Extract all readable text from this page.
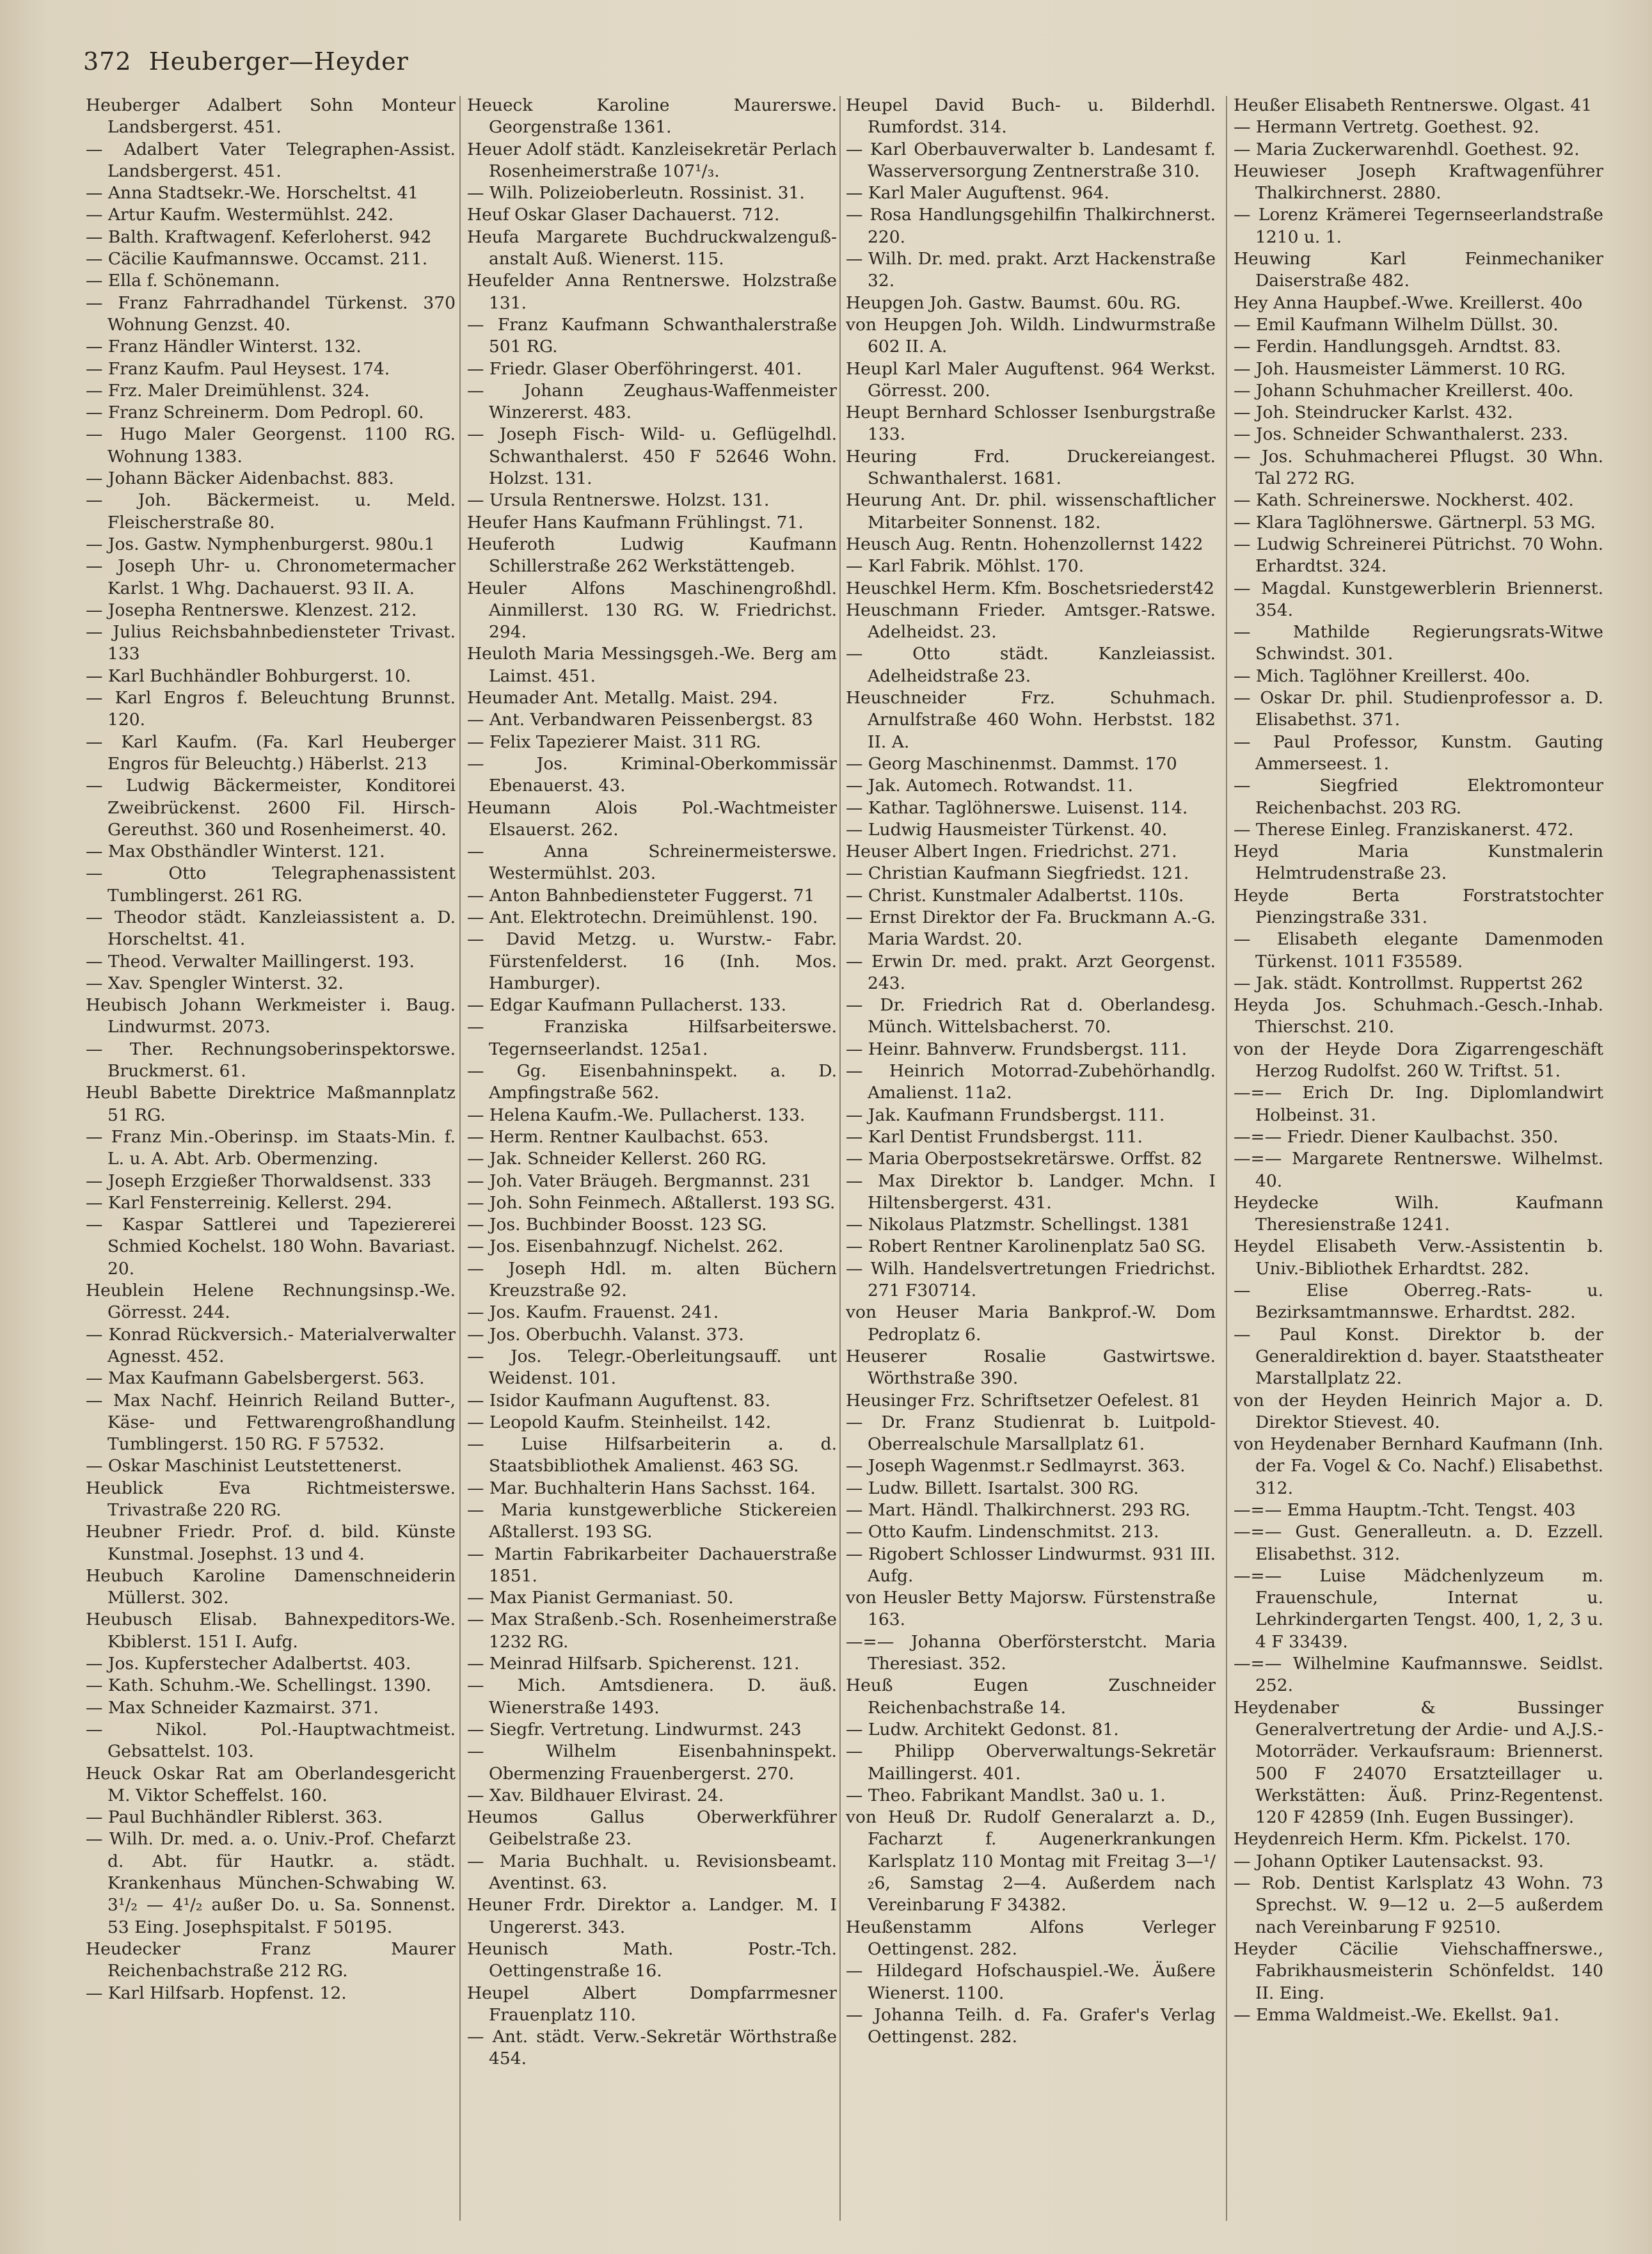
372 Heuberger—Heyder

Heuberger Adalbert Sohn Monteur Landsbergerst. 451.

— Adalbert Vater Telegraphen-Assist. Landsbergerst. 451.

— Anna Stadtsekr.-We. Horscheltst. 41

— Artur Kaufm. Westermühlst. 242.

— Balth. Kraftwagenf. Keferloherst. 942

— Cäcilie Kaufmannswe. Occamst. 211.

— Ella f. Schönemann.

— Franz Fahrradhandel Türkenst. 370 Wohnung Genzst. 40.

— Franz Händler Winterst. 132.

— Franz Kaufm. Paul Heysest. 174.

— Frz. Maler Dreimühlenst. 324.

— Franz Schreinerm. Dom Pedropl. 60.

— Hugo Maler Georgenst. 1100 RG. Wohnung 1383.

— Johann Bäcker Aidenbachst. 883.

— Joh. Bäckermeist. u. Meld. Fleischerstraße 80.

— Jos. Gastw. Nymphenburgerst. 980u.1

— Joseph Uhr- u. Chronometermacher Karlst. 1 Whg. Dachauerst. 93 II. A.

— Josepha Rentnerswe. Klenzest. 212.

— Julius Reichsbahnbediensteter Trivast. 133

— Karl Buchhändler Bohburgerst. 10.

— Karl Engros f. Beleuchtung Brunnst. 120.

— Karl Kaufm. (Fa. Karl Heuberger Engros für Beleuchtg.) Häberlst. 213

— Ludwig Bäckermeister, Konditorei Zweibrückenst. 2600 Fil. Hirsch-Gereuthst. 360 und Rosenheimerst. 40.

— Max Obsthändler Winterst. 121.

— Otto Telegraphenassistent Tumblingerst. 261 RG.

— Theodor städt. Kanzleiassistent a. D. Horscheltst. 41.

— Theod. Verwalter Maillingerst. 193.

— Xav. Spengler Winterst. 32.

Heubisch Johann Werkmeister i. Baug. Lindwurmst. 2073.

— Ther. Rechnungsoberinspektorswe. Bruckmerst. 61.

Heubl Babette Direktrice Maßmannplatz 51 RG.

— Franz Min.-Oberinsp. im Staats-Min. f. L. u. A. Abt. Arb. Obermenzing.

— Joseph Erzgießer Thorwaldsenst. 333

— Karl Fensterreinig. Kellerst. 294.

— Kaspar Sattlerei und Tapeziererei Schmied Kochelst. 180 Wohn. Bavariast. 20.

Heublein Helene Rechnungsinsp.-We. Görresst. 244.

— Konrad Rückversich.- Materialverwalter Agnesst. 452.

— Max Kaufmann Gabelsbergerst. 563.

— Max Nachf. Heinrich Reiland Butter-, Käse- und Fettwarengroßhandlung Tumblingerst. 150 RG. F 57532.

— Oskar Maschinist Leutstettenerst.

Heublick Eva Richtmeisterswe. Trivastraße 220 RG.

Heubner Friedr. Prof. d. bild. Künste Kunstmal. Josephst. 13 und 4.

Heubuch Karoline Damenschneiderin Müllerst. 302.

Heubusch Elisab. Bahnexpeditors-We. Kbiblerst. 151 I. Aufg.

— Jos. Kupferstecher Adalbertst. 403.

— Kath. Schuhm.-We. Schellingst. 1390.

— Max Schneider Kazmairst. 371.

— Nikol. Pol.-Hauptwachtmeist. Gebsattelst. 103.

Heuck Oskar Rat am Oberlandesgericht M. Viktor Scheffelst. 160.

— Paul Buchhändler Riblerst. 363.

— Wilh. Dr. med. a. o. Univ.-Prof. Chefarzt d. Abt. für Hautkr. a. städt. Krankenhaus München-Schwabing W. 3¹/₂ — 4¹/₂ außer Do. u. Sa. Sonnenst. 53 Eing. Josephspitalst. F 50195.

Heudecker Franz Maurer Reichenbachstraße 212 RG.

— Karl Hilfsarb. Hopfenst. 12.

Heueck Karoline Maurerswe. Georgenstraße 1361.

Heuer Adolf städt. Kanzleisekretär Perlach Rosenheimerstraße 107¹/₃.

— Wilh. Polizeioberleutn. Rossinist. 31.

Heuf Oskar Glaser Dachauerst. 712.

Heufa Margarete Buchdruckwalzenguß-anstalt Auß. Wienerst. 115.

Heufelder Anna Rentnerswe. Holzstraße 131.

— Franz Kaufmann Schwanthalerstraße 501 RG.

— Friedr. Glaser Oberföhringerst. 401.

— Johann Zeughaus-Waffenmeister Winzererst. 483.

— Joseph Fisch- Wild- u. Geflügelhdl. Schwanthalerst. 450 F 52646 Wohn. Holzst. 131.

— Ursula Rentnerswe. Holzst. 131.

Heufer Hans Kaufmann Frühlingst. 71.

Heuferoth Ludwig Kaufmann Schillerstraße 262 Werkstättengeb.

Heuler Alfons Maschinengroßhdl. Ainmillerst. 130 RG. W. Friedrichst. 294.

Heuloth Maria Messingsgeh.-We. Berg am Laimst. 451.

Heumader Ant. Metallg. Maist. 294.

— Ant. Verbandwaren Peissenbergst. 83

— Felix Tapezierer Maist. 311 RG.

— Jos. Kriminal-Oberkommissär Ebenauerst. 43.

Heumann Alois Pol.-Wachtmeister Elsauerst. 262.

— Anna Schreinermeisterswe. Westermühlst. 203.

— Anton Bahnbediensteter Fuggerst. 71

— Ant. Elektrotechn. Dreimühlenst. 190.

— David Metzg. u. Wurstw.- Fabr. Fürstenfelderst. 16 (Inh. Mos. Hamburger).

— Edgar Kaufmann Pullacherst. 133.

— Franziska Hilfsarbeiterswe. Tegernseerlandst. 125a1.

— Gg. Eisenbahninspekt. a. D. Ampfingstraße 562.

— Helena Kaufm.-We. Pullacherst. 133.

— Herm. Rentner Kaulbachst. 653.

— Jak. Schneider Kellerst. 260 RG.

— Joh. Vater Bräugeh. Bergmannst. 231

— Joh. Sohn Feinmech. Aßtallerst. 193 SG.

— Jos. Buchbinder Boosst. 123 SG.

— Jos. Eisenbahnzugf. Nichelst. 262.

— Joseph Hdl. m. alten Büchern Kreuzstraße 92.

— Jos. Kaufm. Frauenst. 241.

— Jos. Oberbuchh. Valanst. 373.

— Jos. Telegr.-Oberleitungsauff. unt Weidenst. 101.

— Isidor Kaufmann Auguftenst. 83.

— Leopold Kaufm. Steinheilst. 142.

— Luise Hilfsarbeiterin a. d. Staatsbibliothek Amalienst. 463 SG.

— Mar. Buchhalterin Hans Sachsst. 164.

— Maria kunstgewerbliche Stickereien Aßtallerst. 193 SG.

— Martin Fabrikarbeiter Dachauerstraße 1851.

— Max Pianist Germaniast. 50.

— Max Straßenb.-Sch. Rosenheimerstraße 1232 RG.

— Meinrad Hilfsarb. Spicherenst. 121.

— Mich. Amtsdienera. D. äuß. Wienerstraße 1493.

— Siegfr. Vertretung. Lindwurmst. 243

— Wilhelm Eisenbahninspekt. Obermenzing Frauenbergerst. 270.

— Xav. Bildhauer Elvirast. 24.

Heumos Gallus Oberwerkführer Geibelstraße 23.

— Maria Buchhalt. u. Revisionsbeamt. Aventinst. 63.

Heuner Frdr. Direktor a. Landger. M. I Ungererst. 343.

Heunisch Math. Postr.-Tch. Oettingenstraße 16.

Heupel Albert Dompfarrmesner Frauenplatz 110.

— Ant. städt. Verw.-Sekretär Wörthstraße 454.

Heupel David Buch- u. Bilderhdl. Rumfordst. 314.

— Karl Oberbauverwalter b. Landesamt f. Wasserversorgung Zentnerstraße 310.

— Karl Maler Auguftenst. 964.

— Rosa Handlungsgehilfin Thalkirchnerst. 220.

— Wilh. Dr. med. prakt. Arzt Hackenstraße 32.

Heupgen Joh. Gastw. Baumst. 60u. RG.

von Heupgen Joh. Wildh. Lindwurmstraße 602 II. A.

Heupl Karl Maler Auguftenst. 964 Werkst. Görresst. 200.

Heupt Bernhard Schlosser Isenburgstraße 133.

Heuring Frd. Druckereiangest. Schwanthalerst. 1681.

Heurung Ant. Dr. phil. wissenschaftlicher Mitarbeiter Sonnenst. 182.

Heusch Aug. Rentn. Hohenzollernst 1422

— Karl Fabrik. Möhlst. 170.

Heuschkel Herm. Kfm. Boschetsriederst42

Heuschmann Frieder. Amtsger.-Ratswe. Adelheidst. 23.

— Otto städt. Kanzleiassist. Adelheidstraße 23.

Heuschneider Frz. Schuhmach. Arnulfstraße 460 Wohn. Herbstst. 182 II. A.

— Georg Maschinenmst. Dammst. 170

— Jak. Automech. Rotwandst. 11.

— Kathar. Taglöhnerswe. Luisenst. 114.

— Ludwig Hausmeister Türkenst. 40.

Heuser Albert Ingen. Friedrichst. 271.

— Christian Kaufmann Siegfriedst. 121.

— Christ. Kunstmaler Adalbertst. 110s.

— Ernst Direktor der Fa. Bruckmann A.-G. Maria Wardst. 20.

— Erwin Dr. med. prakt. Arzt Georgenst. 243.

— Dr. Friedrich Rat d. Oberlandesg. Münch. Wittelsbacherst. 70.

— Heinr. Bahnverw. Frundsbergst. 111.

— Heinrich Motorrad-Zubehörhandlg. Amalienst. 11a2.

— Jak. Kaufmann Frundsbergst. 111.

— Karl Dentist Frundsbergst. 111.

— Maria Oberpostsekretärswe. Orffst. 82

— Max Direktor b. Landger. Mchn. I Hiltensbergerst. 431.

— Nikolaus Platzmstr. Schellingst. 1381

— Robert Rentner Karolinenplatz 5a0 SG.

— Wilh. Handelsvertretungen Friedrichst. 271 F30714.

von Heuser Maria Bankprof.-W. Dom Pedroplatz 6.

Heuserer Rosalie Gastwirtswe. Wörthstraße 390.

Heusinger Frz. Schriftsetzer Oefelest. 81

— Dr. Franz Studienrat b. Luitpold-Oberrealschule Marsallplatz 61.

— Joseph Wagenmst.r Sedlmayrst. 363.

— Ludw. Billett. Isartalst. 300 RG.

— Mart. Händl. Thalkirchnerst. 293 RG.

— Otto Kaufm. Lindenschmitst. 213.

— Rigobert Schlosser Lindwurmst. 931 III. Aufg.

von Heusler Betty Majorsw. Fürstenstraße 163.

—=— Johanna Oberförsterstcht. Maria Theresiast. 352.

Heuß Eugen Zuschneider Reichenbachstraße 14.

— Ludw. Architekt Gedonst. 81.

— Philipp Oberverwaltungs-Sekretär Maillingerst. 401.

— Theo. Fabrikant Mandlst. 3a0 u. 1.

von Heuß Dr. Rudolf Generalarzt a. D., Facharzt f. Augenerkrankungen Karlsplatz 110 Montag mit Freitag 3—¹/₂6, Samstag 2—4. Außerdem nach Vereinbarung F 34382.

Heußenstamm Alfons Verleger Oettingenst. 282.

— Hildegard Hofschauspiel.-We. Äußere Wienerst. 1100.

— Johanna Teilh. d. Fa. Grafer's Verlag Oettingenst. 282.

Heußer Elisabeth Rentnerswe. Olgast. 41

— Hermann Vertretg. Goethest. 92.

— Maria Zuckerwarenhdl. Goethest. 92.

Heuwieser Joseph Kraftwagenführer Thalkirchnerst. 2880.

— Lorenz Krämerei Tegernseerlandstraße 1210 u. 1.

Heuwing Karl Feinmechaniker Daiserstraße 482.

Hey Anna Haupbef.-Wwe. Kreillerst. 40o

— Emil Kaufmann Wilhelm Düllst. 30.

— Ferdin. Handlungsgeh. Arndtst. 83.

— Joh. Hausmeister Lämmerst. 10 RG.

— Johann Schuhmacher Kreillerst. 40o.

— Joh. Steindrucker Karlst. 432.

— Jos. Schneider Schwanthalerst. 233.

— Jos. Schuhmacherei Pflugst. 30 Whn. Tal 272 RG.

— Kath. Schreinerswe. Nockherst. 402.

— Klara Taglöhnerswe. Gärtnerpl. 53 MG.

— Ludwig Schreinerei Pütrichst. 70 Wohn. Erhardtst. 324.

— Magdal. Kunstgewerblerin Briennerst. 354.

— Mathilde Regierungsrats-Witwe Schwindst. 301.

— Mich. Taglöhner Kreillerst. 40o.

— Oskar Dr. phil. Studienprofessor a. D. Elisabethst. 371.

— Paul Professor, Kunstm. Gauting Ammerseest. 1.

— Siegfried Elektromonteur Reichenbachst. 203 RG.

— Therese Einleg. Franziskanerst. 472.

Heyd Maria Kunstmalerin Helmtrudenstraße 23.

Heyde Berta Forstratstochter Pienzingstraße 331.

— Elisabeth elegante Damenmoden Türkenst. 1011 F35589.

— Jak. städt. Kontrollmst. Ruppertst 262

Heyda Jos. Schuhmach.-Gesch.-Inhab. Thierschst. 210.

von der Heyde Dora Zigarrengeschäft Herzog Rudolfst. 260 W. Triftst. 51.

—=— Erich Dr. Ing. Diplomlandwirt Holbeinst. 31.

—=— Friedr. Diener Kaulbachst. 350.

—=— Margarete Rentnerswe. Wilhelmst. 40.

Heydecke Wilh. Kaufmann Theresienstraße 1241.

Heydel Elisabeth Verw.-Assistentin b. Univ.-Bibliothek Erhardtst. 282.

— Elise Oberreg.-Rats- u. Bezirksamtmannswe. Erhardtst. 282.

— Paul Konst. Direktor b. der Generaldirektion d. bayer. Staatstheater Marstallplatz 22.

von der Heyden Heinrich Major a. D. Direktor Stievest. 40.

von Heydenaber Bernhard Kaufmann (Inh. der Fa. Vogel & Co. Nachf.) Elisabethst. 312.

—=— Emma Hauptm.-Tcht. Tengst. 403

—=— Gust. Generalleutn. a. D. Ezzell. Elisabethst. 312.

—=— Luise Mädchenlyzeum m. Frauenschule, Internat u. Lehrkindergarten Tengst. 400, 1, 2, 3 u. 4 F 33439.

—=— Wilhelmine Kaufmannswe. Seidlst. 252.

Heydenaber & Bussinger Generalvertretung der Ardie- und A.J.S.-Motorräder. Verkaufsraum: Briennerst. 500 F 24070 Ersatzteillager u. Werkstätten: Äuß. Prinz-Regentenst. 120 F 42859 (Inh. Eugen Bussinger).

Heydenreich Herm. Kfm. Pickelst. 170.

— Johann Optiker Lautensackst. 93.

— Rob. Dentist Karlsplatz 43 Wohn. 73 Sprechst. W. 9—12 u. 2—5 außerdem nach Vereinbarung F 92510.

Heyder Cäcilie Viehschaffnerswe., Fabrikhausmeisterin Schönfeldst. 140 II. Eing.

— Emma Waldmeist.-We. Ekellst. 9a1.
